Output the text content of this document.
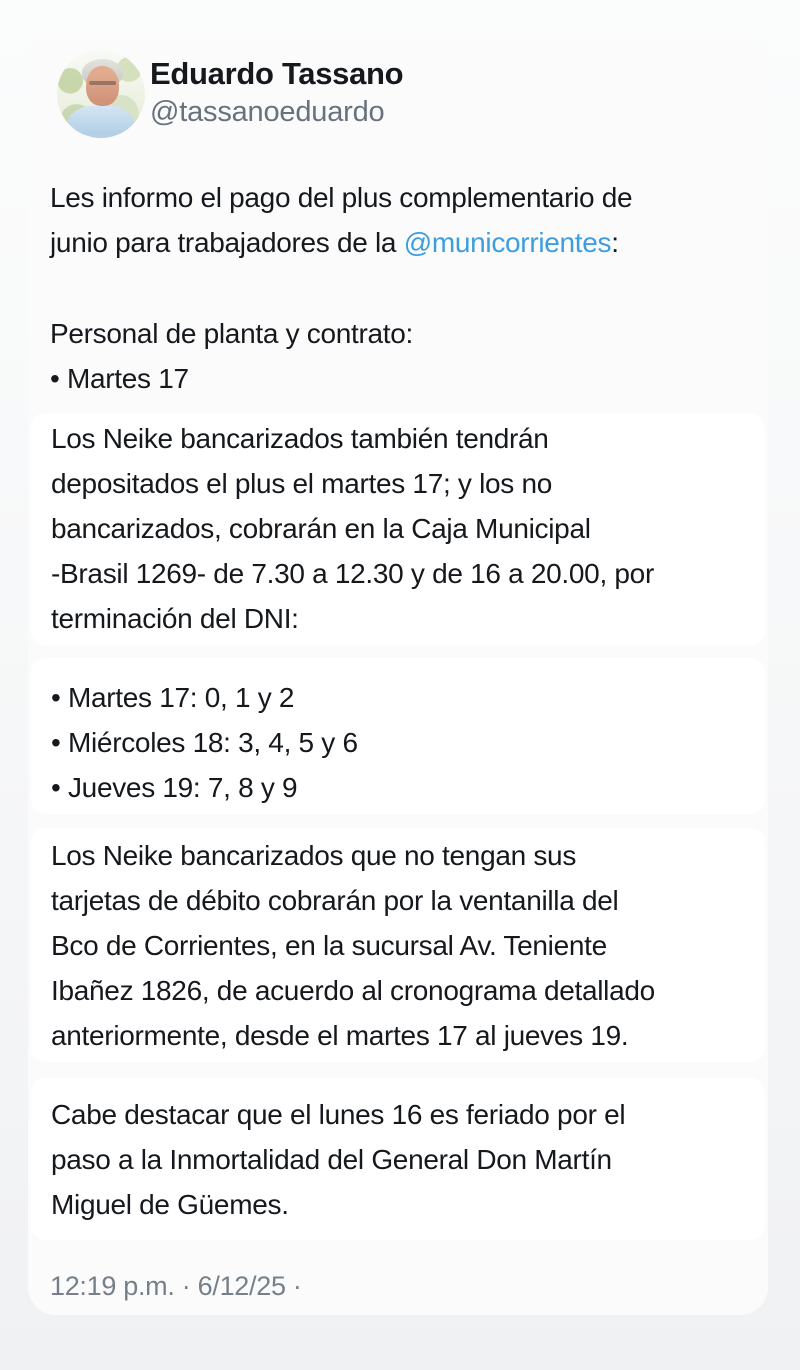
Eduardo Tassano
@tassanoeduardo
Les informo el pago del plus complementario de
junio para trabajadores de la @municorrientes:
Personal de planta y contrato:
• Martes 17
Los Neike bancarizados también tendrán
depositados el plus el martes 17; y los no
bancarizados, cobrarán en la Caja Municipal
-Brasil 1269- de 7.30 a 12.30 y de 16 a 20.00, por
terminación del DNI:
• Martes 17: 0, 1 y 2
• Miércoles 18: 3, 4, 5 y 6
• Jueves 19: 7, 8 y 9
Los Neike bancarizados que no tengan sus
tarjetas de débito cobrarán por la ventanilla del
Bco de Corrientes, en la sucursal Av. Teniente
Ibañez 1826, de acuerdo al cronograma detallado
anteriormente, desde el martes 17 al jueves 19.
Cabe destacar que el lunes 16 es feriado por el
paso a la Inmortalidad del General Don Martín
Miguel de Güemes.
12:19 p.m. · 6/12/25 ·
